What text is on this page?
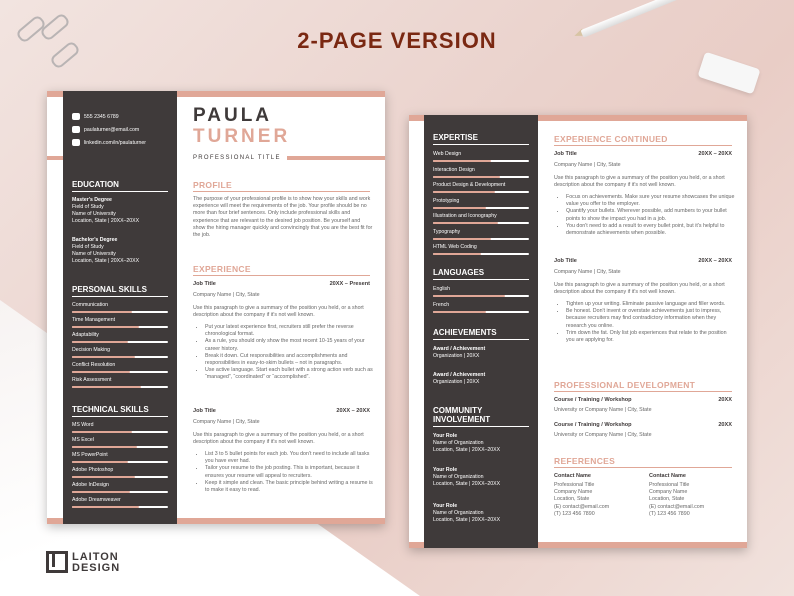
2-PAGE VERSION
555 2345 6789
paulaturner@email.com
linkedin.com/in/paulaturner
EDUCATION
Master's Degree
Field of Study
Name of University
Location, State | 20XX–20XX
Bachelor's Degree
Field of Study
Name of University
Location, State | 20XX–20XX
PERSONAL SKILLS
Communication
Time Management
Adaptability
Decision Making
Conflict Resolution
Risk Assessment
TECHNICAL SKILLS
MS Word
MS Excel
MS PowerPoint
Adobe Photoshop
Adobe InDesign
Adobe Dreamweaver
PAULA
TURNER
PROFESSIONAL TITLE
PROFILE
The purpose of your professional profile is to show how your skills and work experience will meet the requirements of the job. Your profile should be no more than four brief sentences. Only include professional skills and experience that are relevant to the desired job position. Be yourself and show the hiring manager quickly and convincingly that you are the best fit for the job.
EXPERIENCE
Job Title	20XX – Present
Company Name | City, State
Use this paragraph to give a summary of the position you held, or a short description about the company if it's not well known.
• Put your latest experience first, recruiters still prefer the reverse chronological format.
• As a rule, you should only show the most recent 10-15 years of your career history.
• Break it down. Cut responsibilities and accomplishments and responsibilities in easy-to-skim bullets – not in paragraphs.
• Use active language. Start each bullet with a strong action verb such as “managed”, “coordinated” or “accomplished”.
Job Title	20XX – 20XX
Company Name | City, State
Use this paragraph to give a summary of the position you held, or a short description about the company if it's not well known.
• List 3 to 5 bullet points for each job. You don't need to include all tasks you have ever had.
• Tailor your resume to the job posting. This is important, because it ensures your resume will appeal to recruiters.
• Keep it simple and clean. The basic principle behind writing a resume is to make it easy to read.
EXPERTISE
Web Design
Interaction Design
Product Design & Development
Prototyping
Illustration and Iconography
Typography
HTML Web Coding
LANGUAGES
English
French
ACHIEVEMENTS
Award / Achievement
Organization | 20XX
Award / Achievement
Organization | 20XX
COMMUNITY
INVOLVEMENT
Your Role
Name of Organization
Location, State | 20XX–20XX
Your Role
Name of Organization
Location, State | 20XX–20XX
Your Role
Name of Organization
Location, State | 20XX–20XX
EXPERIENCE CONTINUED
Job Title	20XX – 20XX
Company Name | City, State
Use this paragraph to give a summary of the position you held, or a short description about the company if it's not well known.
• Focus on achievements. Make sure your resume showcases the unique value you offer to the employer.
• Quantify your bullets. Wherever possible, add numbers to your bullet points to show the impact you had in a job.
• You don't need to add a result to every bullet point, but it's helpful to demonstrate achievements when possible.
Job Title	20XX – 20XX
Company Name | City, State
Use this paragraph to give a summary of the position you held, or a short description about the company if it's not well known.
• Tighten up your writing. Eliminate passive language and filler words.
• Be honest. Don't invent or overstate achievements just to impress, because recruiters may find contradictory information when they research you online.
• Trim down the fat. Only list job experiences that relate to the position you are applying for.
PROFESSIONAL DEVELOPMENT
Course / Training / Workshop	20XX
University or Company Name | City, State
Course / Training / Workshop	20XX
University or Company Name | City, State
REFERENCES
Contact Name
Professional Title
Company Name
Location, State
(E) contact@email.com
(T) 123 456 7890
Contact Name
Professional Title
Company Name
Location, State
(E) contact@email.com
(T) 123 456 7890
LAITON
DESIGN
